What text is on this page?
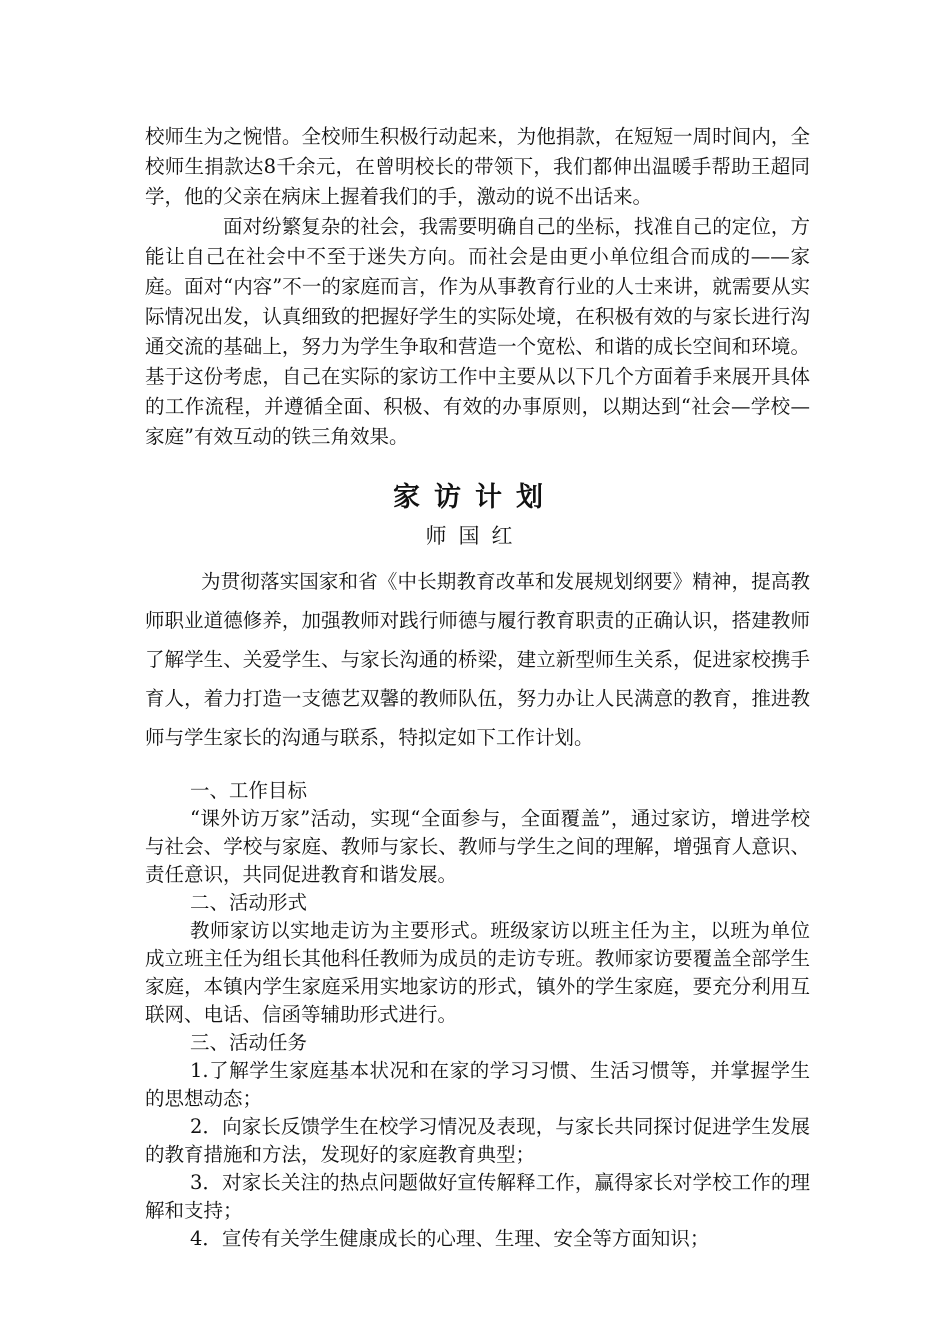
校师生为之惋惜。全校师生积极行动起来，为他捐款，在短短一周时间内，全校师生捐款达8千余元，在曾明校长的带领下，我们都伸出温暖手帮助王超同学，他的父亲在病床上握着我们的手，激动的说不出话来。

面对纷繁复杂的社会，我需要明确自己的坐标，找准自己的定位，方能让自己在社会中不至于迷失方向。而社会是由更小单位组合而成的——家庭。面对“内容”不一的家庭而言，作为从事教育行业的人士来讲，就需要从实际情况出发，认真细致的把握好学生的实际处境，在积极有效的与家长进行沟通交流的基础上，努力为学生争取和营造一个宽松、和谐的成长空间和环境。基于这份考虑，自己在实际的家访工作中主要从以下几个方面着手来展开具体的工作流程，并遵循全面、积极、有效的办事原则，以期达到“社会—学校—家庭”有效互动的铁三角效果。

家访计划
师国红

为贯彻落实国家和省《中长期教育改革和发展规划纲要》精神，提高教师职业道德修养，加强教师对践行师德与履行教育职责的正确认识，搭建教师了解学生、关爱学生、与家长沟通的桥梁，建立新型师生关系，促进家校携手育人，着力打造一支德艺双馨的教师队伍，努力办让人民满意的教育，推进教师与学生家长的沟通与联系，特拟定如下工作计划。

一、工作目标

“课外访万家”活动，实现“全面参与，全面覆盖”，通过家访，增进学校与社会、学校与家庭、教师与家长、教师与学生之间的理解，增强育人意识、责任意识，共同促进教育和谐发展。

二、活动形式

教师家访以实地走访为主要形式。班级家访以班主任为主，以班为单位成立班主任为组长其他科任教师为成员的走访专班。教师家访要覆盖全部学生家庭，本镇内学生家庭采用实地家访的形式，镇外的学生家庭，要充分利用互联网、电话、信函等辅助形式进行。

三、活动任务

1.了解学生家庭基本状况和在家的学习习惯、生活习惯等，并掌握学生的思想动态；

2．向家长反馈学生在校学习情况及表现，与家长共同探讨促进学生发展的教育措施和方法，发现好的家庭教育典型；

3．对家长关注的热点问题做好宣传解释工作，赢得家长对学校工作的理解和支持；

4．宣传有关学生健康成长的心理、生理、安全等方面知识；
